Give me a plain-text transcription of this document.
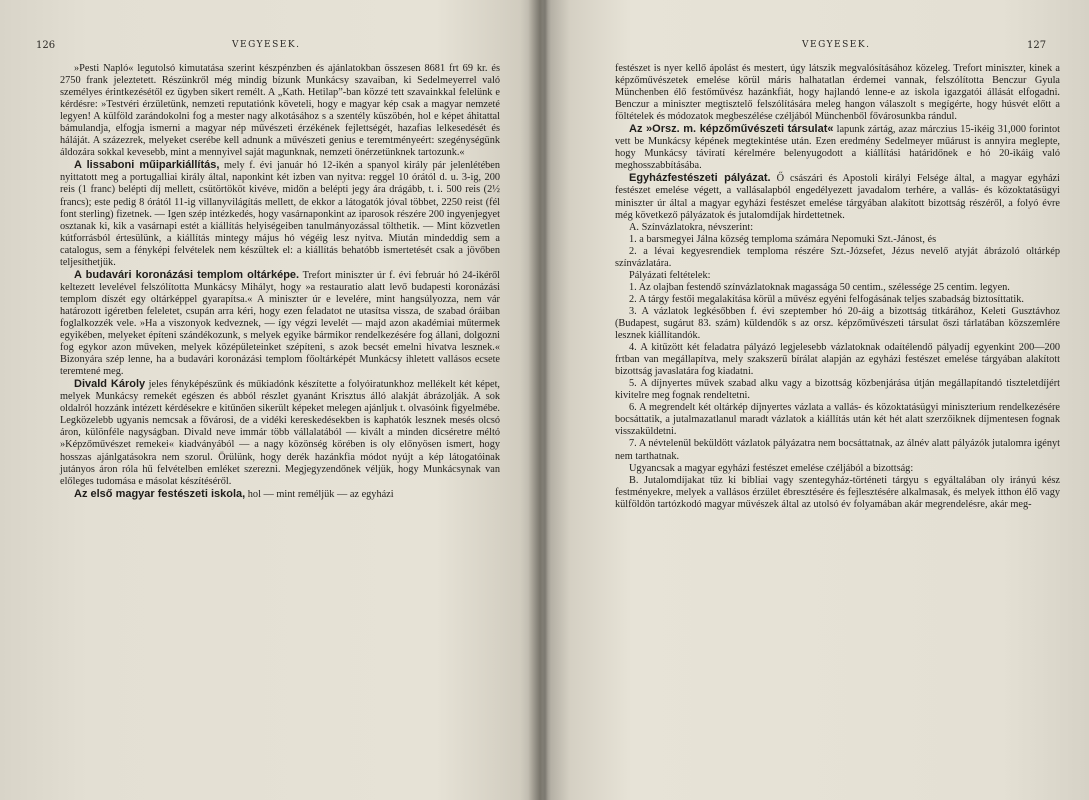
126	VEGYESEK.

»Pesti Napló« legutolsó kimutatása szerint készpénzben és ajánlatokban összesen 8681 frt 69 kr. és 2750 frank jeleztetett. Részünkről még mindig bízunk Munkácsy szavaiban, ki Sedelmeyerrel való személyes érintkezésétől ez ügyben sikert remélt. A „Kath. Hetilap”-ban közzé tett szavainkkal felelünk e kérdésre: »Testvéri érzületünk, nemzeti reputatiónk követeli, hogy e magyar kép csak a magyar nemzeté legyen! A külföld zarándokolni fog a mester nagy alkotásához s a szentély küszöbén, hol e képet áhitattal bámulandja, elfogja ismerni a magyar nép művészeti érzékének fejlettségét, hazafias lelkesedését és háláját. A százezrek, melyeket cserébe kell adnunk a művészeti genius e teremtményeért: szegénységünk áldozára sokkal kevesebb, mint a mennyivel saját magunknak, nemzeti önérzetünknek tartozunk.«

A lissaboni műiparkiállítás, mely f. évi január hó 12-ikén a spanyol király pár jelenlétében nyittatott meg a portugalliai király által, naponkint két izben van nyitva: reggel 10 órától d. u. 3-ig, 200 reis (1 franc) belépti díj mellett, csütörtököt kivéve, midőn a belépti jegy ára drágább, t. i. 500 reis (2½ francs); este pedig 8 órától 11-ig villanyvilágítás mellett, de ekkor a látogatók jóval többet, 2250 reist (fél font sterling) fizetnek. — Igen szép intézkedés, hogy vasárnaponkint az iparosok részére 200 ingyenjegyet osztanak ki, kik a vasárnapi estét a kiállítás helyiségeiben tanulmányozással tölthetik. — Mint közvetlen kútforrásból értesülünk, a kiállítás mintegy május hó végéig lesz nyitva. Miután mindeddig sem a catalogus, sem a fényképi felvételek nem készültek el: a kiállítás behatóbb ismertetését csak a jövőben teljesíthetjük.

A budavári koronázási templom oltárképe. Trefort miniszter úr f. évi február hó 24-ikéről keltezett levelével felszólította Munkácsy Mihályt, hogy »a restauratio alatt levő budapesti koronázási templom díszét egy oltárképpel gyarapítsa.« A miniszter úr e levelére, mint hangsúlyozza, nem vár határozott igéretben feleletet, csupán arra kéri, hogy ezen feladatot ne utasítsa vissza, de szabad óráiban foglalkozzék vele. »Ha a viszonyok kedveznek, — így végzi levelét — majd azon akadémiai műtermek egyikében, melyeket építeni szándékozunk, s melyek egyike bármikor rendelkezésére fog állani, dolgozni fog egykor azon műveken, melyek középületeinket szépíteni, s azok becsét emelni hivatva lesznek.« Bizonyára szép lenne, ha a budavári koronázási templom főoltárképét Munkácsy ihletett vallásos ecsete teremtené meg.

Divald Károly jeles fényképészünk és műkiadónk készítette a folyóiratunkhoz mellékelt két képet, melyek Munkácsy remekét egészen és abból részlet gyanánt Krisztus álló alakját ábrázolják. A sok oldalról hozzánk intézett kérdésekre e kitűnően sikerült képeket melegen ajánljuk t. olvasóink figyelmébe. Legközelebb ugyanis nemcsak a fővárosi, de a vidéki kereskedésekben is kaphatók lesznek mesés olcsó áron, különféle nagyságban. Divald neve immár több vállalatából — kivált a minden dicséretre méltó »Képzőművészet remekei« kiadványából — a nagy közönség körében is oly előnyösen ismert, hogy hosszas ajánlgatásokra nem szorul. Örülünk, hogy derék hazánkfia módot nyújt a kép látogatóinak jutányos áron róla hű felvételben emléket szerezni. Megjegyzendőnek véljük, hogy Munkácsynak van előleges tudomása e másolat készítéséről.

Az első magyar festészeti iskola, hol — mint reméljük — az egyházi

VEGYESEK.	127

festészet is nyer kellő ápolást és mestert, úgy látszik megvalósításához közeleg. Trefort miniszter, kinek a képzőművészetek emelése körül máris halhatatlan érdemei vannak, felszólította Benczur Gyula Münchenben élő festőművész hazánkfiát, hogy hajlandó lenne-e az iskola igazgatói állását elfogadni. Benczur a miniszter megtisztelő felszólítására meleg hangon válaszolt s megígérte, hogy húsvét előtt a föltételek és módozatok megbeszélése czéljából Münchenből fővárosunkba rándul.

Az »Orsz. m. képzőművészeti társulat« lapunk zártág, azaz márczius 15-ikéig 31,000 forintot vett be Munkácsy képének megtekintése után. Ezen eredmény Sedelmeyer műárust is annyira meglepte, hogy Munkácsy táviratí kérelmére belenyugodott a kiállítási határidőnek e hó 20-ikáig való meghosszabbításába.

Egyházfestészeti pályázat. Ő császári és Apostoli királyi Felsége által, a magyar egyházi festészet emelése végett, a vallásalapból engedélyezett javadalom terhére, a vallás- és közoktatásügyi miniszter úr által a magyar egyházi festészet emelése tárgyában alakított bizottság részéről, a folyó évre még következő pályázatok és jutalomdíjak hirdettetnek.

A. Színvázlatokra, névszerint:

1. a barsmegyei Jálna község temploma számára Nepomuki Szt.-Jánost, és

2. a lévai kegyesrendiek temploma részére Szt.-Józsefet, Jézus nevelő atyját ábrázoló oltárkép színvázlatára.

Pályázati feltételek:

1. Az olajban festendő színvázlatoknak magassága 50 centim., szélessége 25 centim. legyen.

2. A tárgy festői megalakítása körül a művész egyéni felfogásának teljes szabadság biztosíttatik.

3. A vázlatok legkésőbben f. évi szeptember hó 20-áig a bizottság titkárához, Keleti Gusztávhoz (Budapest, sugárut 83. szám) küldendők s az orsz. képzőművészeti társulat őszi tárlatában közszemlére lesznek kiállítandók.

4. A kitűzött két feladatra pályázó legjelesebb vázlatoknak odaítélendő pályadíj egyenkint 200—200 frtban van megállapítva, mely szakszerű bírálat alapján az egyházi festészet emelése tárgyában alakított bizottság javaslatára fog kiadatni.

5. A díjnyertes művek szabad alku vagy a bizottság közbenjárása útján megállapítandó tiszteletdíjért kivitelre meg fognak rendeltetni.

6. A megrendelt két oltárkép díjnyertes vázlata a vallás- és közoktatásügyi miniszterium rendelkezésére bocsáttatik, a jutalmazatlanul maradt vázlatok a kiállítás után két hét alatt szerzőiknek díjmentesen fognak visszaküldetni.

7. A névtelenül beküldött vázlatok pályázatra nem bocsáttatnak, az álnév alatt pályázók jutalomra igényt nem tarthatnak.

Ugyancsak a magyar egyházi festészet emelése czéljából a bizottság:

B. Jutalomdíjakat tűz ki bibliai vagy szentegyház-történeti tárgyu s egyáltalában oly irányú kész festményekre, melyek a vallásos érzület ébresztésére és fejlesztésére alkalmasak, és melyek itthon élő vagy külföldön tartózkodó magyar művészek által az utolsó év folyamában akár megrendelésre, akár meg-
